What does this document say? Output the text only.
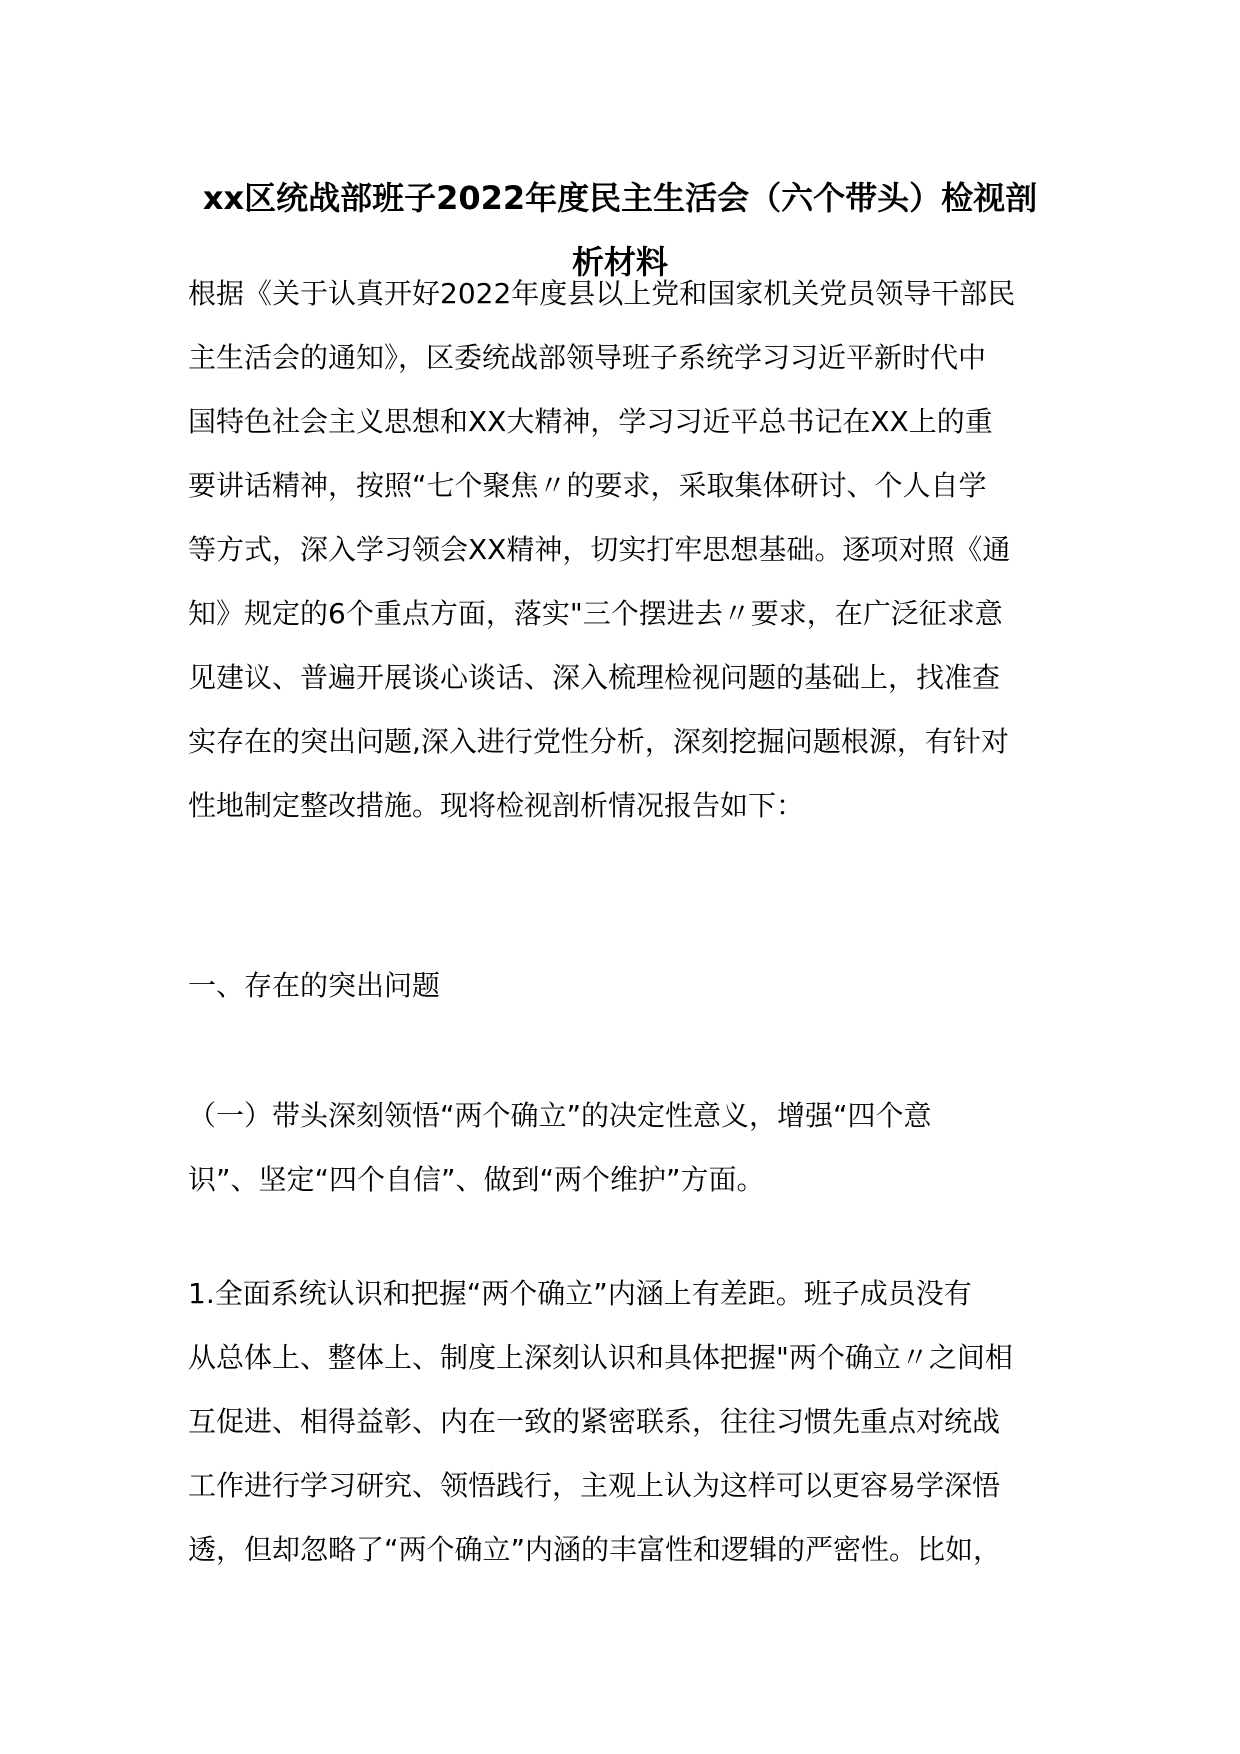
xx区统战部班子2022年度民主生活会（六个带头）检视剖
析材料
根据《关于认真开好2022年度县以上党和国家机关党员领导干部民
主生活会的通知》，区委统战部领导班子系统学习习近平新时代中
国特色社会主义思想和XX大精神，学习习近平总书记在XX上的重
要讲话精神，按照“七个聚焦〃的要求，采取集体研讨、个人自学
等方式，深入学习领会XX精神，切实打牢思想基础。逐项对照《通
知》规定的6个重点方面，落实"三个摆进去〃要求，在广泛征求意
见建议、普遍开展谈心谈话、深入梳理检视问题的基础上，找准查
实存在的突出问题,深入进行党性分析，深刻挖掘问题根源，有针对
性地制定整改措施。现将检视剖析情况报告如下：
一、存在的突出问题
（一）带头深刻领悟“两个确立”的决定性意义，增强“四个意
识”、坚定“四个自信”、做到“两个维护”方面。
1.全面系统认识和把握“两个确立”内涵上有差距。班子成员没有
从总体上、整体上、制度上深刻认识和具体把握"两个确立〃之间相
互促进、相得益彰、内在一致的紧密联系，往往习惯先重点对统战
工作进行学习研究、领悟践行，主观上认为这样可以更容易学深悟
透，但却忽略了“两个确立”内涵的丰富性和逻辑的严密性。比如，
